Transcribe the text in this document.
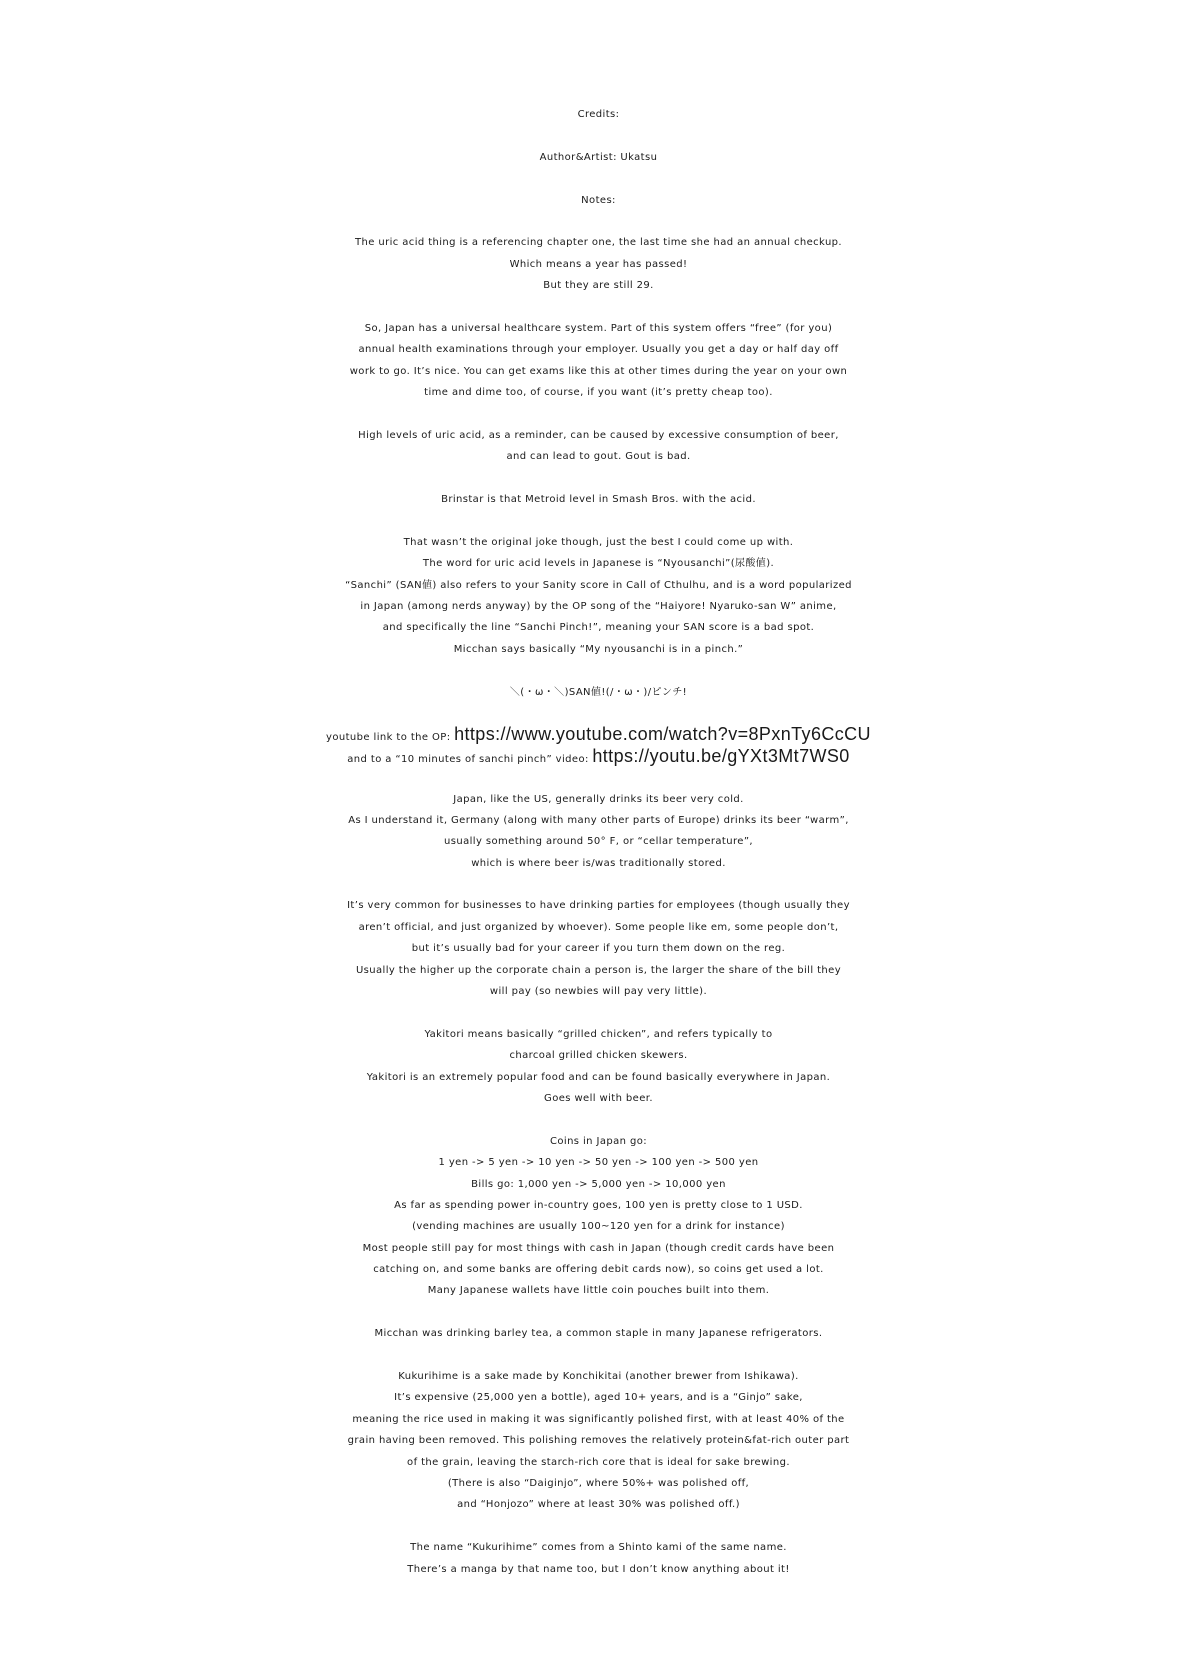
Credits:
Author&Artist: Ukatsu
Notes:
The uric acid thing is a referencing chapter one, the last time she had an annual checkup.
Which means a year has passed!
But they are still 29.
So, Japan has a universal healthcare system. Part of this system offers “free” (for you)
annual health examinations through your employer. Usually you get a day or half day off
work to go. It’s nice. You can get exams like this at other times during the year on your own
time and dime too, of course, if you want (it’s pretty cheap too).
High levels of uric acid, as a reminder, can be caused by excessive consumption of beer,
and can lead to gout. Gout is bad.
Brinstar is that Metroid level in Smash Bros. with the acid.
That wasn’t the original joke though, just the best I could come up with.
The word for uric acid levels in Japanese is “Nyousanchi”(尿酸値).
“Sanchi” (SAN値) also refers to your Sanity score in Call of Cthulhu, and is a word popularized
in Japan (among nerds anyway) by the OP song of the “Haiyore! Nyaruko-san W” anime,
and specifically the line “Sanchi Pinch!”, meaning your SAN score is a bad spot.
Micchan says basically “My nyousanchi is in a pinch.”
＼(・ω・＼)SAN値!(/・ω・)/ピンチ!
youtube link to the OP: https://www.youtube.com/watch?v=8PxnTy6CcCU
and to a “10 minutes of sanchi pinch” video: https://youtu.be/gYXt3Mt7WS0
Japan, like the US, generally drinks its beer very cold.
As I understand it, Germany (along with many other parts of Europe) drinks its beer “warm”,
usually something around 50° F, or “cellar temperature”,
which is where beer is/was traditionally stored.
It’s very common for businesses to have drinking parties for employees (though usually they
aren’t official, and just organized by whoever). Some people like em, some people don’t,
but it’s usually bad for your career if you turn them down on the reg.
Usually the higher up the corporate chain a person is, the larger the share of the bill they
will pay (so newbies will pay very little).
Yakitori means basically “grilled chicken”, and refers typically to
charcoal grilled chicken skewers.
Yakitori is an extremely popular food and can be found basically everywhere in Japan.
Goes well with beer.
Coins in Japan go:
1 yen -> 5 yen -> 10 yen -> 50 yen -> 100 yen -> 500 yen
Bills go: 1,000 yen -> 5,000 yen -> 10,000 yen
As far as spending power in-country goes, 100 yen is pretty close to 1 USD.
(vending machines are usually 100~120 yen for a drink for instance)
Most people still pay for most things with cash in Japan (though credit cards have been
catching on, and some banks are offering debit cards now), so coins get used a lot.
Many Japanese wallets have little coin pouches built into them.
Micchan was drinking barley tea, a common staple in many Japanese refrigerators.
Kukurihime is a sake made by Konchikitai (another brewer from Ishikawa).
It’s expensive (25,000 yen a bottle), aged 10+ years, and is a “Ginjo” sake,
meaning the rice used in making it was significantly polished first, with at least 40% of the
grain having been removed. This polishing removes the relatively protein&fat-rich outer part
of the grain, leaving the starch-rich core that is ideal for sake brewing.
(There is also “Daiginjo”, where 50%+ was polished off,
and “Honjozo” where at least 30% was polished off.)
The name “Kukurihime” comes from a Shinto kami of the same name.
There’s a manga by that name too, but I don’t know anything about it!
